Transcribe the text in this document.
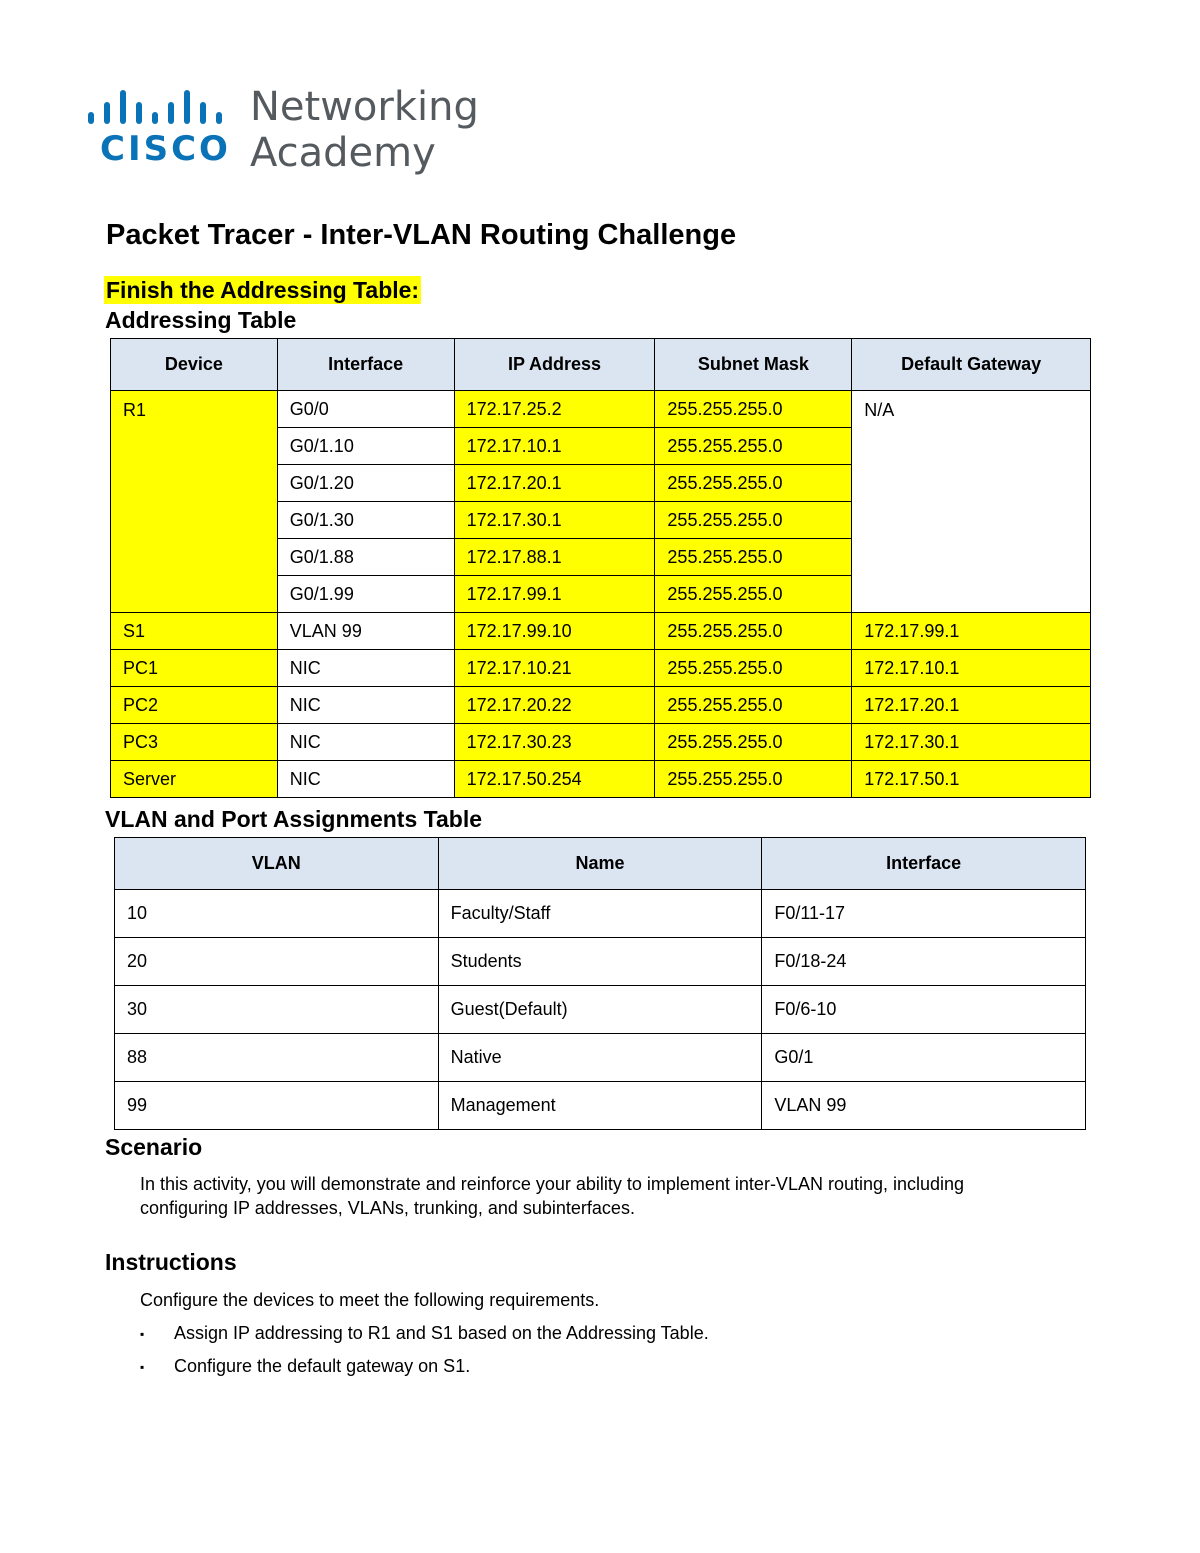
CISCO
Networking
Academy
Packet Tracer - Inter-VLAN Routing Challenge
Finish the Addressing Table:
Addressing Table
Device	Interface	IP Address	Subnet Mask	Default Gateway
R1	G0/0	172.17.25.2	255.255.255.0	N/A
	G0/1.10	172.17.10.1	255.255.255.0	
	G0/1.20	172.17.20.1	255.255.255.0	
	G0/1.30	172.17.30.1	255.255.255.0	
	G0/1.88	172.17.88.1	255.255.255.0	
	G0/1.99	172.17.99.1	255.255.255.0	
S1	VLAN 99	172.17.99.10	255.255.255.0	172.17.99.1
PC1	NIC	172.17.10.21	255.255.255.0	172.17.10.1
PC2	NIC	172.17.20.22	255.255.255.0	172.17.20.1
PC3	NIC	172.17.30.23	255.255.255.0	172.17.30.1
Server	NIC	172.17.50.254	255.255.255.0	172.17.50.1
VLAN and Port Assignments Table
VLAN	Name	Interface
10	Faculty/Staff	F0/11-17
20	Students	F0/18-24
30	Guest(Default)	F0/6-10
88	Native	G0/1
99	Management	VLAN 99
Scenario
In this activity, you will demonstrate and reinforce your ability to implement inter-VLAN routing, including
configuring IP addresses, VLANs, trunking, and subinterfaces.
Instructions
Configure the devices to meet the following requirements.
▪ Assign IP addressing to R1 and S1 based on the Addressing Table.
▪ Configure the default gateway on S1.
